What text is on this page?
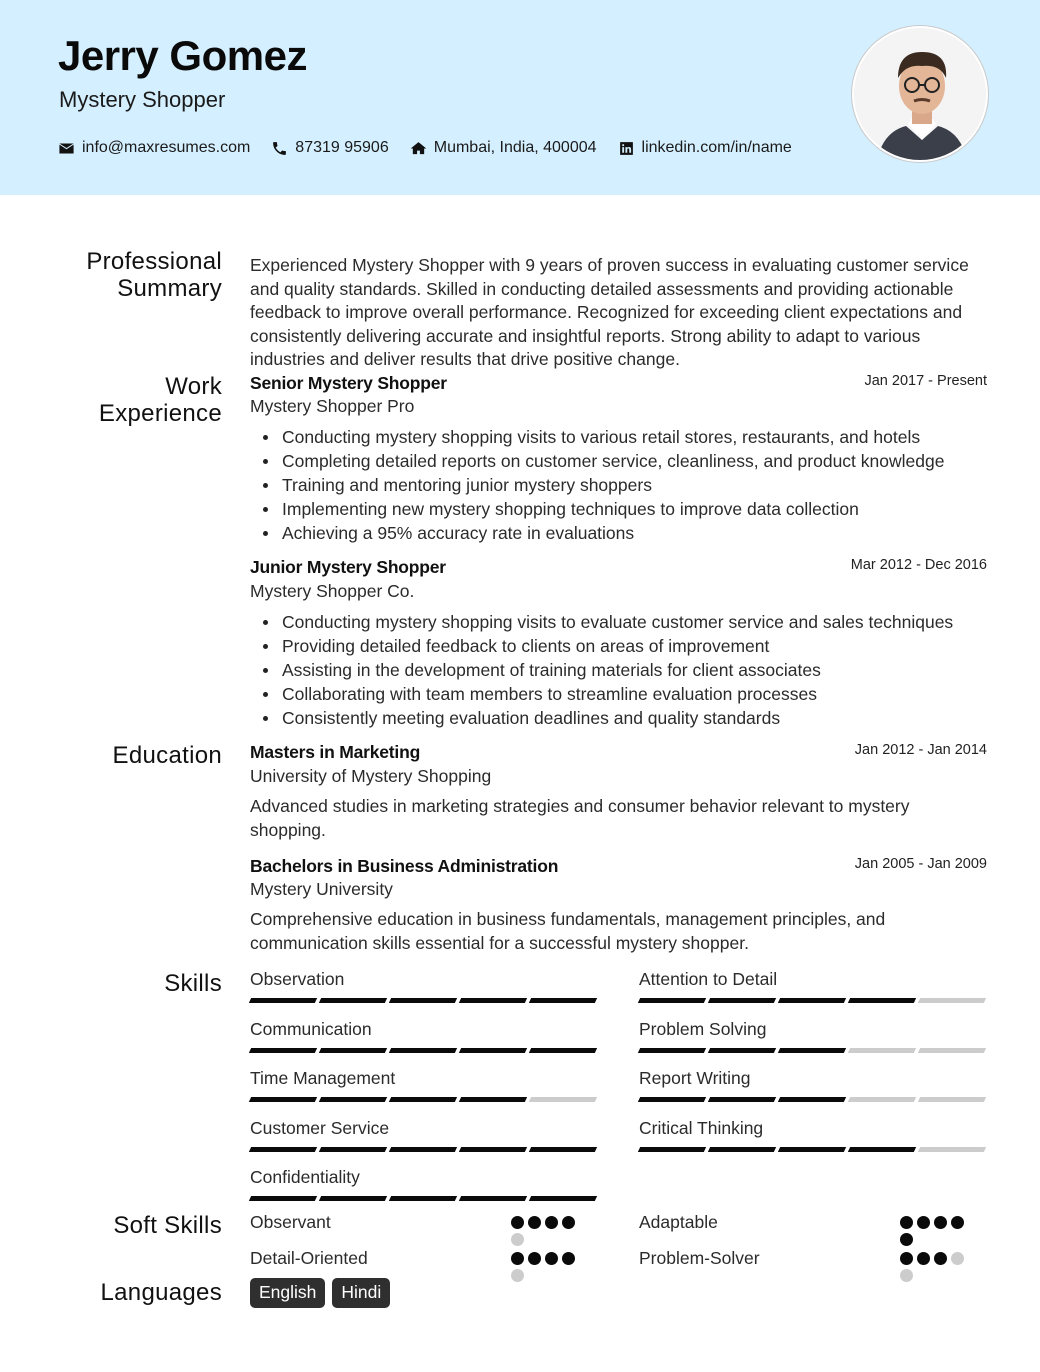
Jerry Gomez
Mystery Shopper
info@maxresumes.com	87319 95906	Mumbai, India, 400004	linkedin.com/in/name
Professional
Summary
Experienced Mystery Shopper with 9 years of proven success in evaluating customer service and quality standards. Skilled in conducting detailed assessments and providing actionable feedback to improve overall performance. Recognized for exceeding client expectations and consistently delivering accurate and insightful reports. Strong ability to adapt to various industries and deliver results that drive positive change.
Work
Experience
Senior Mystery Shopper	Jan 2017 - Present
Mystery Shopper Pro
Conducting mystery shopping visits to various retail stores, restaurants, and hotels
Completing detailed reports on customer service, cleanliness, and product knowledge
Training and mentoring junior mystery shoppers
Implementing new mystery shopping techniques to improve data collection
Achieving a 95% accuracy rate in evaluations
Junior Mystery Shopper	Mar 2012 - Dec 2016
Mystery Shopper Co.
Conducting mystery shopping visits to evaluate customer service and sales techniques
Providing detailed feedback to clients on areas of improvement
Assisting in the development of training materials for client associates
Collaborating with team members to streamline evaluation processes
Consistently meeting evaluation deadlines and quality standards
Education Masters in Marketing	Jan 2012 - Jan 2014
University of Mystery Shopping
Advanced studies in marketing strategies and consumer behavior relevant to mystery shopping.
Bachelors in Business Administration	Jan 2005 - Jan 2009
Mystery University
Comprehensive education in business fundamentals, management principles, and communication skills essential for a successful mystery shopper.
Skills Observation	Attention to Detail
Communication	Problem Solving
Time Management	Report Writing
Customer Service	Critical Thinking
Confidentiality
Soft Skills Observant	Adaptable
Detail-Oriented	Problem-Solver
Languages	English	Hindi
